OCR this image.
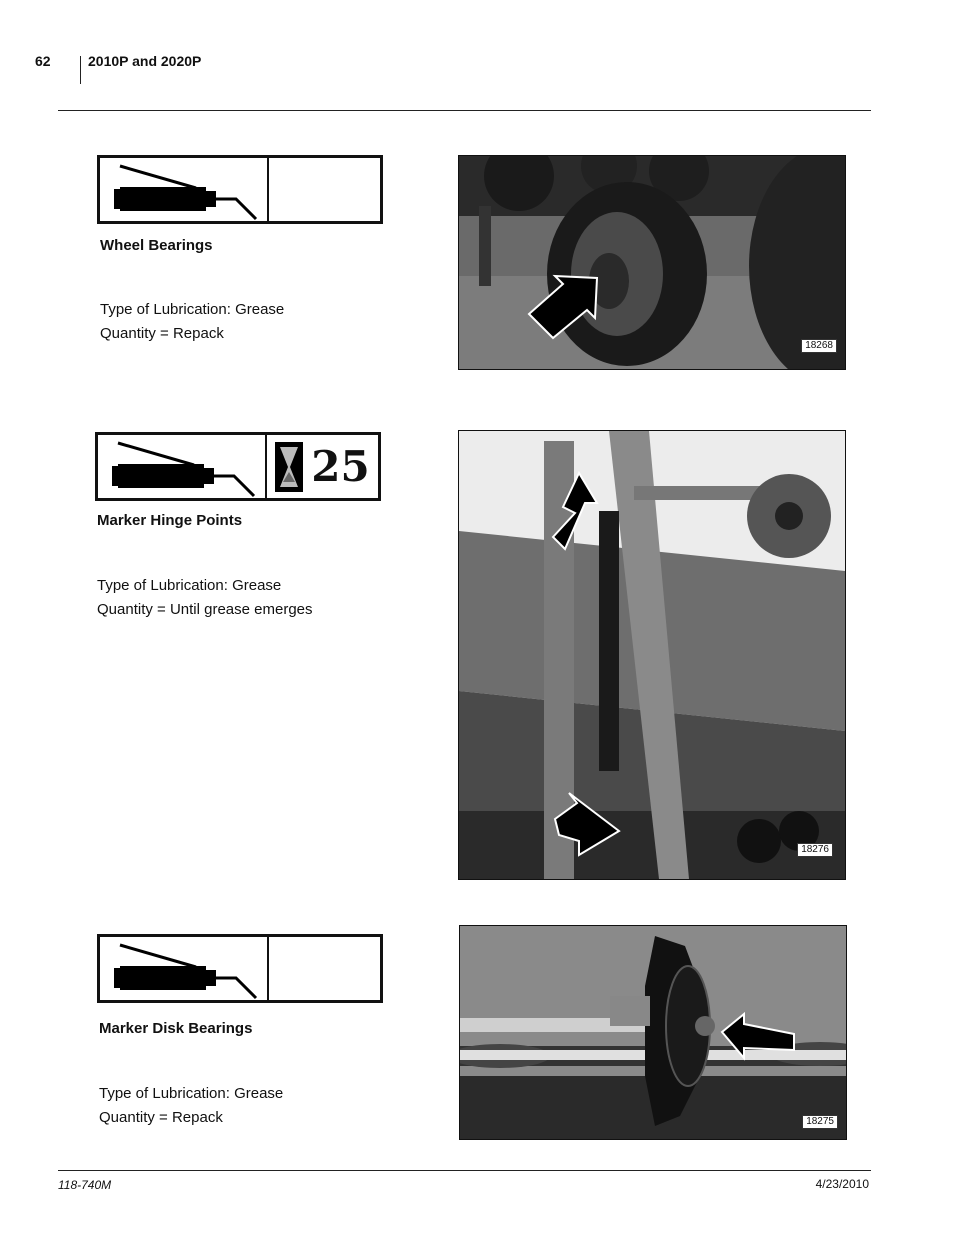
62	2010P and 2020P
Wheel Bearings
Type of Lubrication: Grease
Quantity = Repack
18268
25
Marker Hinge Points
Type of Lubrication: Grease
Quantity = Until grease emerges
18276
Marker Disk Bearings
Type of Lubrication: Grease
Quantity = Repack	18275
118-740M	4/23/2010
